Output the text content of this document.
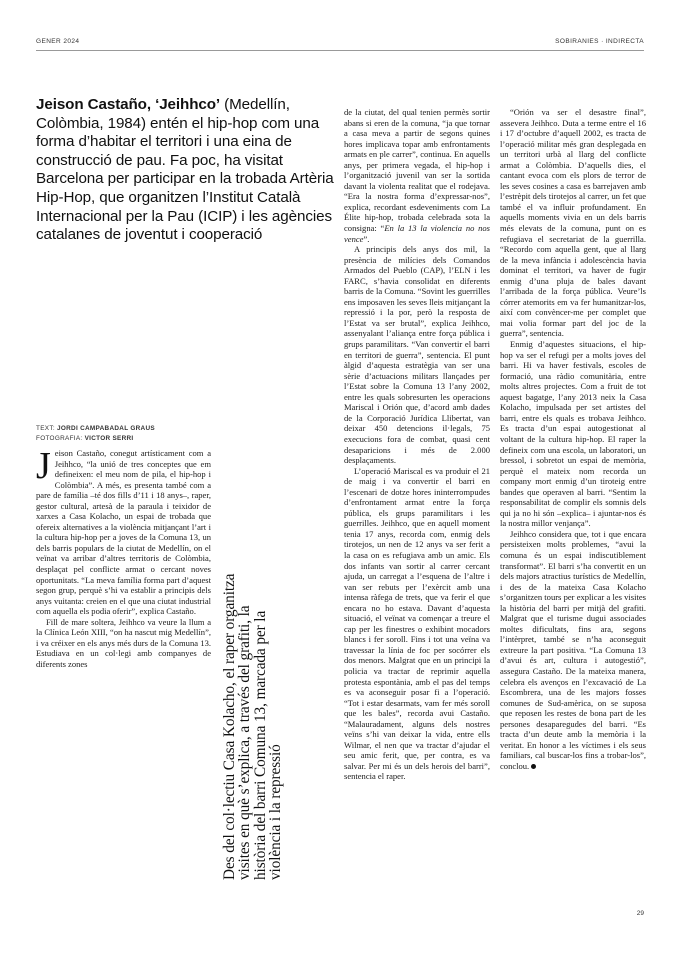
GENER 2024	SOBIRANIES · INDIRECTA
Jeison Castaño, ‘Jeihhco’ (Medellín, Colòmbia, 1984) entén el hip-hop com una forma d’habitar el territori i una eina de construcció de pau. Fa poc, ha visitat Barcelona per participar en la trobada Artèria Hip-Hop, que organitzen l’Institut Català Internacional per la Pau (ICIP) i les agències catalanes de joventut i cooperació
TEXT: JORDI CAMPABADAL GRAUS
FOTOGRAFIA: VICTOR SERRI

Jeison Castaño, conegut artísticament com a Jeihhco, “la unió de tres conceptes que em defineixen: el meu nom de pila, el hip-hop i Colòmbia”. A més, es presenta també com a pare de família –té dos fills d’11 i 18 anys–, raper, gestor cultural, artesà de la paraula i teixidor de xarxes a Casa Kolacho, un espai de trobada que ofereix alternatives a la violència mitjançant l’art i la cultura hip-hop per a joves de la Comuna 13, un dels barris populars de la ciutat de Medellín, on el veïnat va arribar d’altres territoris de Colòmbia, desplaçat pel conflicte armat o cercant noves oportunitats. “La meva família forma part d’aquest segon grup, perquè s’hi va establir a principis dels anys vuitanta: creien en el que una ciutat industrial com aquella els podia oferir”, explica Castaño.

Fill de mare soltera, Jeihhco va veure la llum a la Clínica León XIII, “on ha nascut mig Medellín”, i va créixer en els anys més durs de la Comuna 13. Estudiava en un col·legi amb companyes de diferents zones	Des del col·lectiu Casa Kolacho, el raper organitza visites en què s’explica, a través del grafiti, la història del barri Comuna 13, marcada per la violència i la repressió

de la ciutat, del qual tenien permès sortir abans si eren de la comuna, “ja que tornar a casa meva a partir de segons quines hores implicava topar amb enfrontaments armats en ple carrer”, continua. En aquells anys, per primera vegada, el hip-hop i l’organització juvenil van ser la sortida davant la violenta realitat que el rodejava. “Era la nostra forma d’expressar-nos”, explica, recordant esdeveniments com La Élite hip-hop, trobada celebrada sota la consigna: “En la 13 la violencia no nos vence”.

A principis dels anys dos mil, la presència de milícies dels Comandos Armados del Pueblo (CAP), l’ELN i les FARC, s’havia consolidat en diferents barris de la Comuna. “Sovint les guerrilles ens imposaven les seves lleis mitjançant la repressió i la por, però la resposta de l’Estat va ser brutal”, explica Jeihhco, assenyalant l’aliança entre força pública i grups paramilitars. “Van convertir el barri en territori de guerra”, sentencia. El punt àlgid d’aquesta estratègia van ser una sèrie d’actuacions militars llançades per l’Estat sobre la Comuna 13 l’any 2002, entre les quals sobresurten les operacions Mariscal i Orión que, d’acord amb dades de la Corporació Jurídica Llibertat, van deixar 450 detencions il·legals, 75 execucions fora de combat, quasi cent desaparicions i més de 2.000 desplaçaments.

L’operació Mariscal es va produir el 21 de maig i va convertir el barri en l’escenari de dotze hores ininterrompudes d’enfrontament armat entre la força pública, els grups paramilitars i les guerrilles. Jeihhco, que en aquell moment tenia 17 anys, recorda com, enmig dels tirotejos, un nen de 12 anys va ser ferit a la casa on es refugiava amb un amic. Els dos infants van sortir al carrer cercant ajuda, un carregat a l’esquena de l’altre i van ser rebuts per l’exèrcit amb una intensa ràfega de trets, que va ferir el que encara no ho estava. Davant d’aquesta situació, el veïnat va començar a treure el cap per les finestres o exhibint mocadors blancs i fer soroll. Fins i tot una veïna va travessar la línia de foc per socórrer els dos menors. Malgrat que en un principi la policia va tractar de reprimir aquella protesta espontània, amb el pas del temps es va aconseguir posar fi a l’operació. “Tot i estar desarmats, vam fer més soroll que les bales”, recorda avui Castaño. “Malauradament, alguns dels nostres veïns s’hi van deixar la vida, entre ells Wilmar, el nen que va tractar d’ajudar el seu amic ferit, que, per contra, es va salvar. Per mi és un dels herois del barri”, sentencia el raper.

“Orión va ser el desastre final”, assevera Jeihhco. Duta a terme entre el 16 i 17 d’octubre d’aquell 2002, es tracta de l’operació militar més gran desplegada en un territori urbà al llarg del conflicte armat a Colòmbia. D’aquells dies, el cantant evoca com els plors de terror de les seves cosines a casa es barrejaven amb l’estrèpit dels tirotejos al carrer, un fet que també el va influir profundament. En aquells moments vivia en un dels barris més elevats de la comuna, punt on es refugiava el secretariat de la guerrilla. “Recordo com aquella gent, que al llarg de la meva infància i adolescència havia dominat el territori, va haver de fugir enmig d’una pluja de bales davant l’arribada de la força pública. Veure’ls córrer atemorits em va fer humanitzar-los, així com convèncer-me per complet que mai volia formar part del joc de la guerra”, sentencia.

Enmig d’aquestes situacions, el hip-hop va ser el refugi per a molts joves del barri. Hi va haver festivals, escoles de formació, una ràdio comunitària, entre molts altres projectes. Com a fruit de tot aquest bagatge, l’any 2013 neix la Casa Kolacho, impulsada per set artistes del barri, entre els quals es trobava Jeihhco. Es tracta d’un espai autogestionat al voltant de la cultura hip-hop. El raper la defineix com una escola, un laboratori, un bressol, i sobretot un espai de memòria, perquè el mateix nom recorda un company mort enmig d’un tiroteig entre bandes que operaven al barri. “Sentim la responsabilitat de complir els somnis dels qui ja no hi són –explica– i ajuntar-nos és la nostra millor venjança”.

Jeihhco considera que, tot i que encara persisteixen molts problemes, “avui la comuna és un espai indiscutiblement transformat”. El barri s’ha convertit en un dels majors atractius turístics de Medellín, i des de la mateixa Casa Kolacho s’organitzen tours per explicar a les visites la història del barri per mitjà del grafiti. Malgrat que el turisme dugui associades moltes dificultats, fins ara, segons l’intèrpret, també se n’ha aconseguit extreure la part positiva. “La Comuna 13 d’avui és art, cultura i autogestió”, assegura Castaño. De la mateixa manera, celebra els avenços en l’excavació de La Escombrera, una de les majors fosses comunes de Sud-amèrica, on se suposa que reposen les restes de bona part de les persones desaparegudes del barri. “Es tracta d’un deute amb la memòria i la veritat. En honor a les víctimes i els seus familiars, cal buscar-los fins a trobar-los”, conclou.

29
